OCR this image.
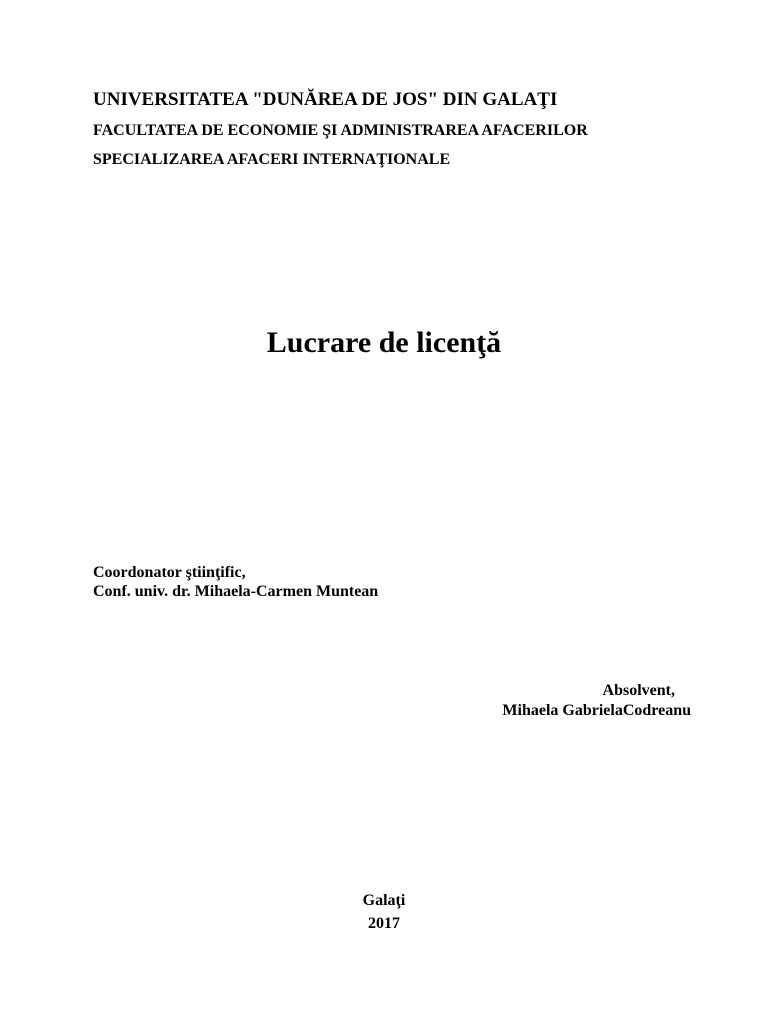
UNIVERSITATEA "DUNĂREA DE JOS" DIN GALAŢI
FACULTATEA DE ECONOMIE ŞI ADMINISTRAREA AFACERILOR
SPECIALIZAREA AFACERI INTERNAŢIONALE
Lucrare de licenţă
Coordonator ştiinţific,
Conf. univ. dr. Mihaela-Carmen Muntean
Absolvent,
Mihaela GabrielaCodreanu
Galaţi
2017
